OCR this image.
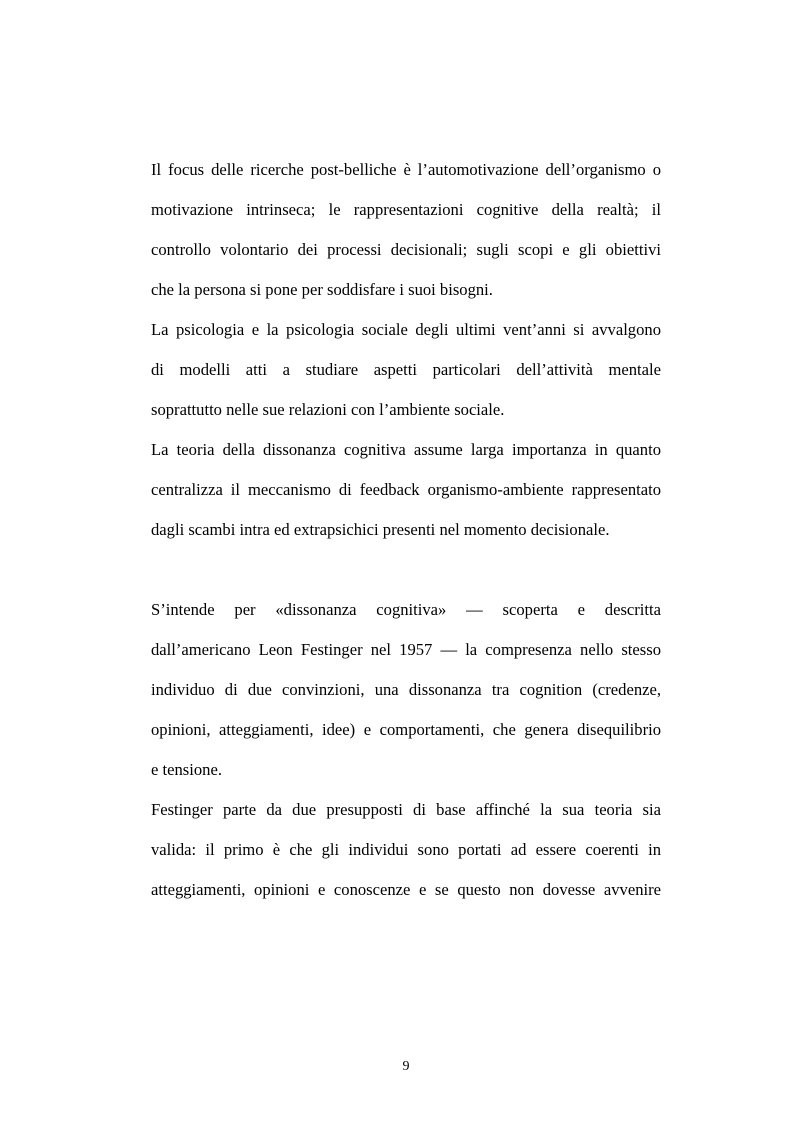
Il focus delle ricerche post-belliche è l’automotivazione dell’organismo o
motivazione intrinseca; le rappresentazioni cognitive della realtà; il
controllo volontario dei processi decisionali; sugli scopi e gli obiettivi
che la persona si pone per soddisfare i suoi bisogni.
La psicologia e la psicologia sociale degli ultimi vent’anni si avvalgono
di modelli atti a studiare aspetti particolari dell’attività mentale
soprattutto nelle sue relazioni con l’ambiente sociale.
La teoria della dissonanza cognitiva assume larga importanza in quanto
centralizza il meccanismo di feedback organismo-ambiente rappresentato
dagli scambi intra ed extrapsichici presenti nel momento decisionale.
S’intende per «dissonanza cognitiva» — scoperta e descritta
dall’americano Leon Festinger nel 1957 — la compresenza nello stesso
individuo di due convinzioni, una dissonanza tra cognition (credenze,
opinioni, atteggiamenti, idee) e comportamenti, che genera disequilibrio
e tensione.
Festinger parte da due presupposti di base affinché la sua teoria sia
valida: il primo è che gli individui sono portati ad essere coerenti in
atteggiamenti, opinioni e conoscenze e se questo non dovesse avvenire
9
